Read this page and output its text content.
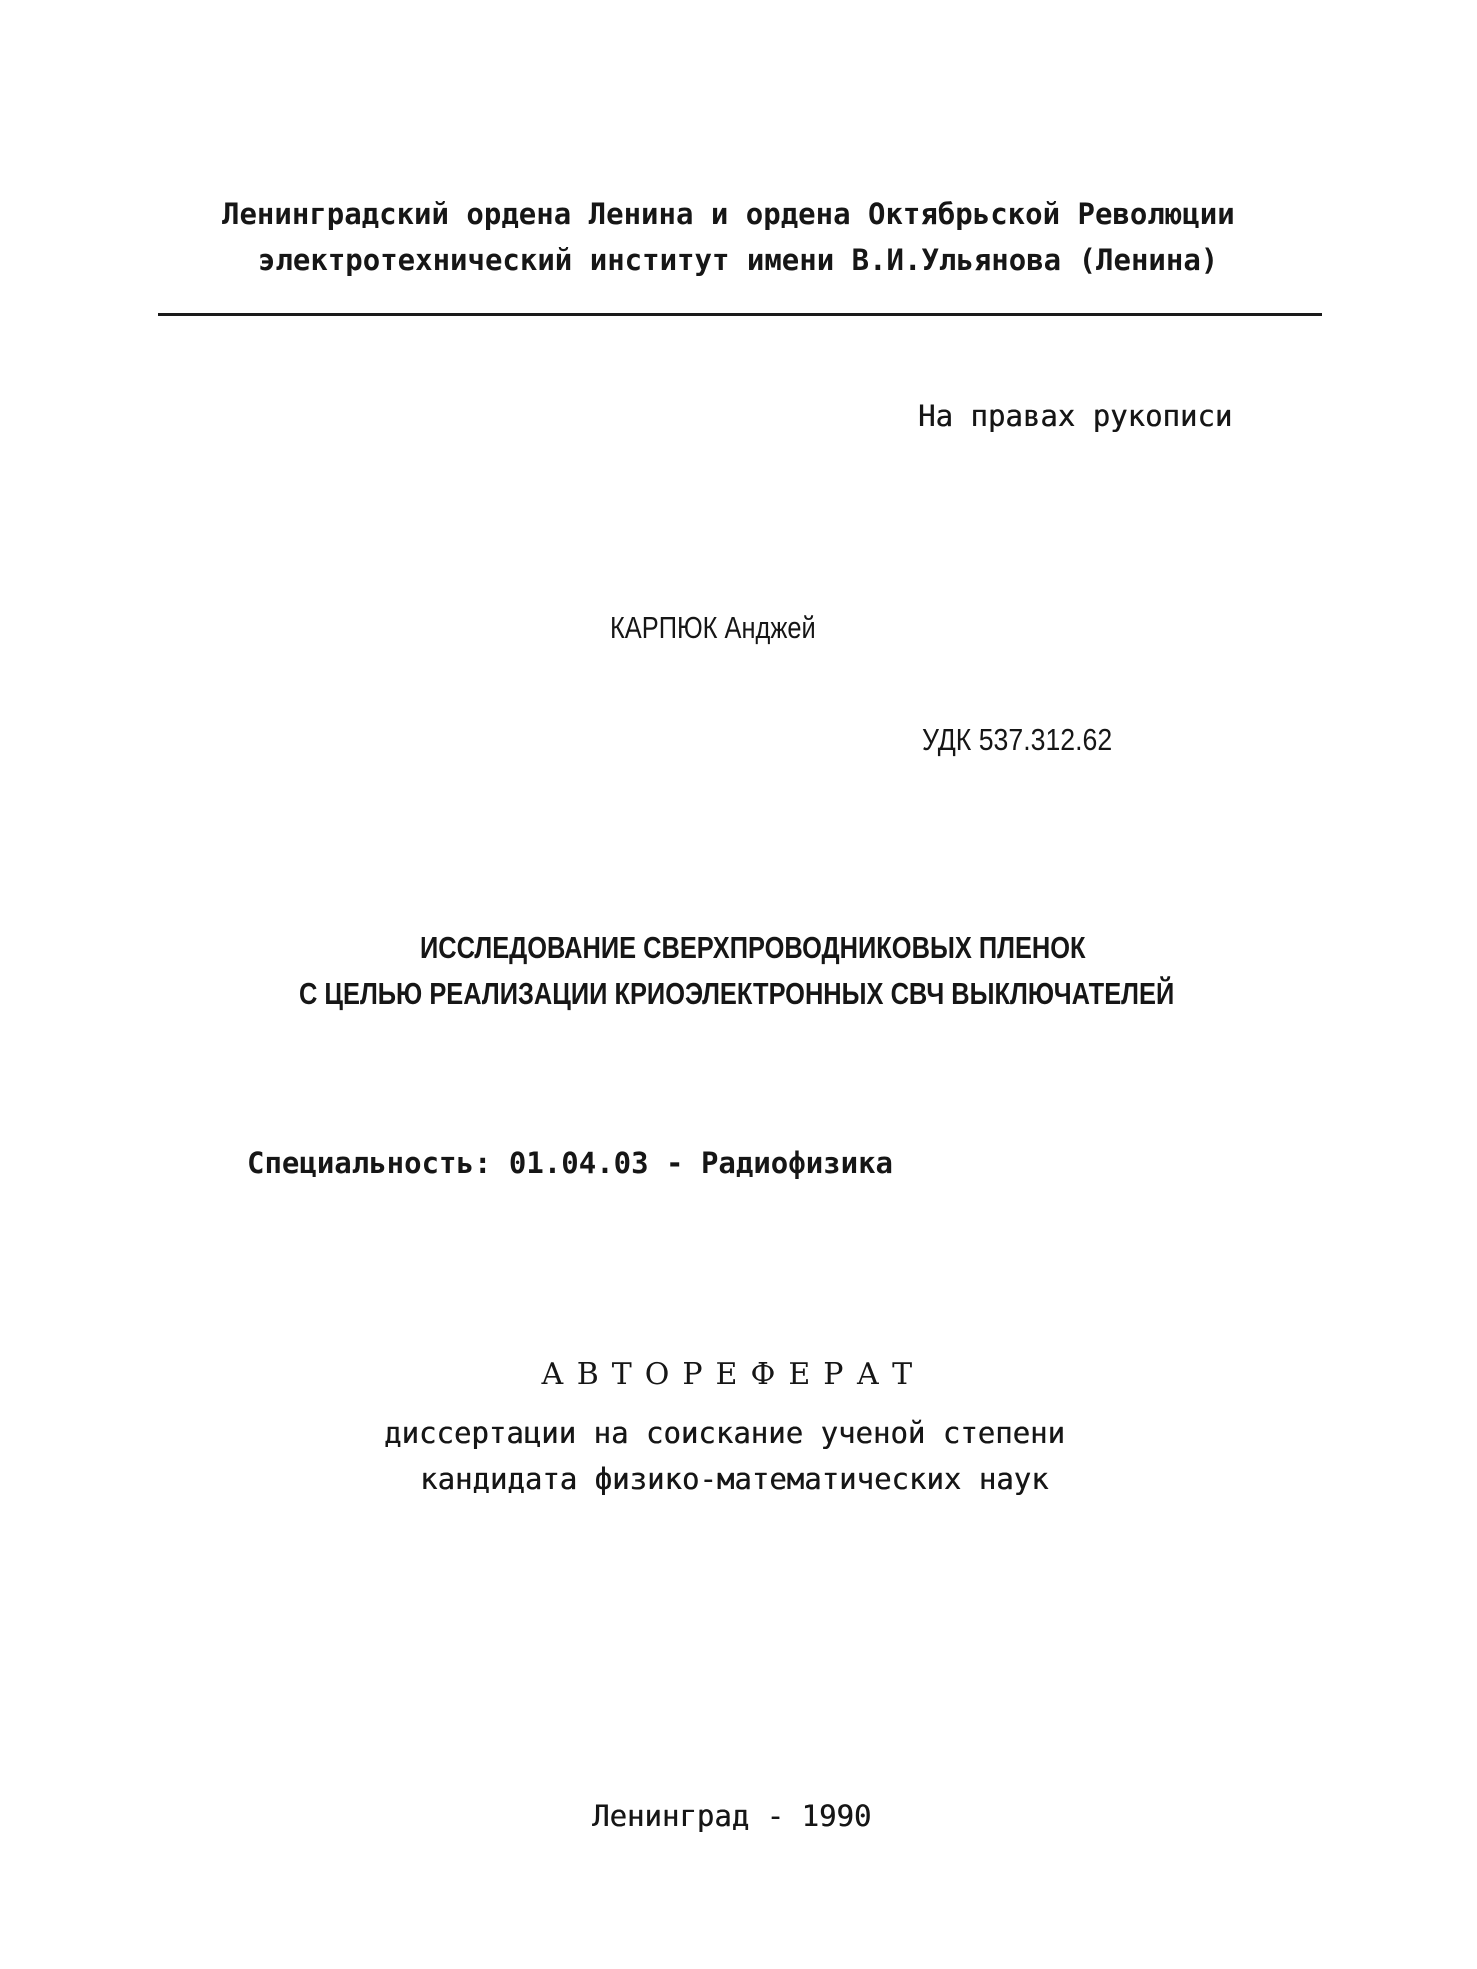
Ленинградский ордена Ленина и ордена Октябрьской Революции
электротехнический институт имени В.И.Ульянова (Ленина)
На правах рукописи
КАРПЮК Анджей
УДК 537.312.62
ИССЛЕДОВАНИЕ СВЕРХПРОВОДНИКОВЫХ ПЛЕНОК
С ЦЕЛЬЮ РЕАЛИЗАЦИИ КРИОЭЛЕКТРОННЫХ СВЧ ВЫКЛЮЧАТЕЛЕЙ
Специальность: 01.04.03 - Радиофизика
АВТОРЕФЕРАТ
диссертации на соискание ученой степени
кандидата физико-математических наук
Ленинград - 1990
